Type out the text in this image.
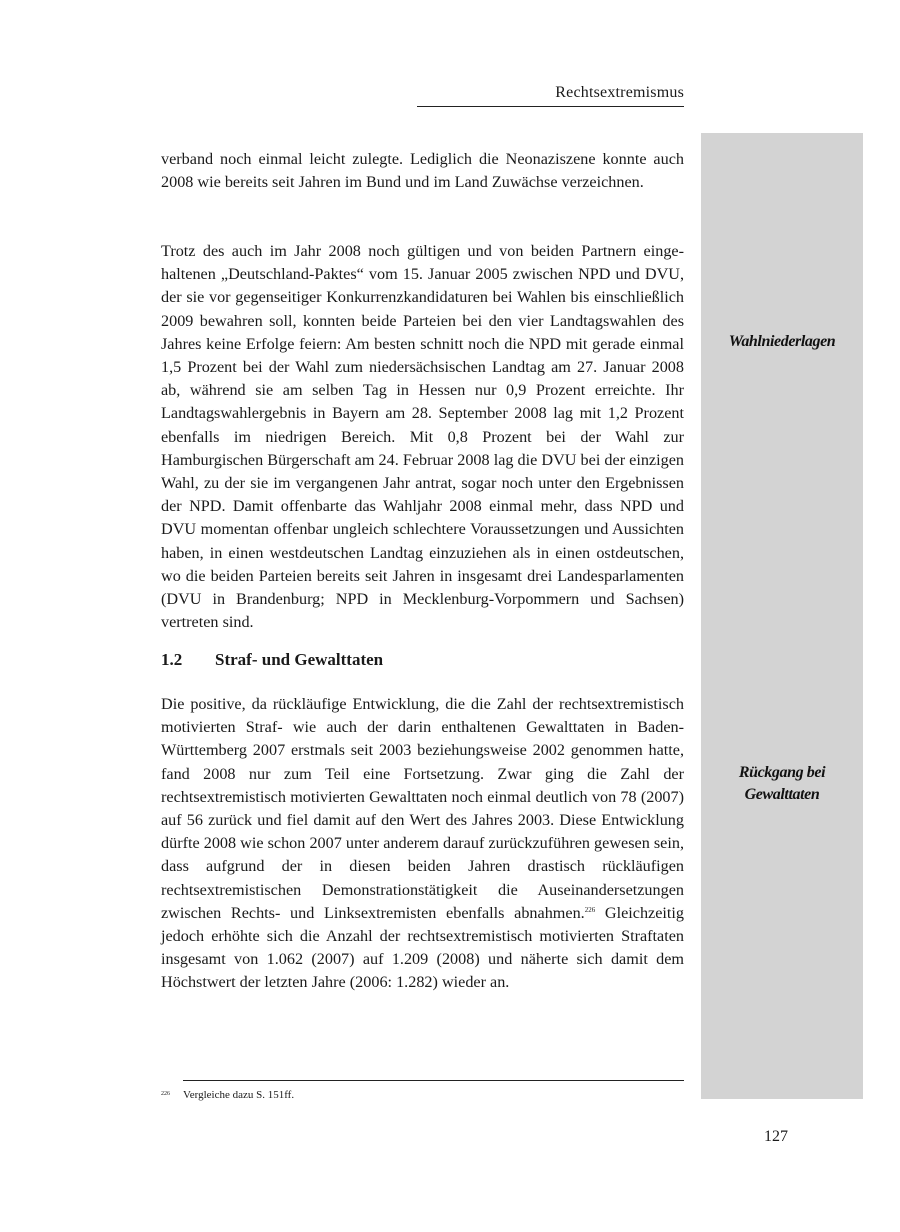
Rechtsextremismus
Wahlniederlagen
Rückgang bei
Gewalttaten

verband noch einmal leicht zulegte. Lediglich die Neonaziszene konnte auch 2008 wie bereits seit Jahren im Bund und im Land Zuwächse verzeichnen.

Trotz des auch im Jahr 2008 noch gültigen und von beiden Partnern eingehaltenen „Deutschland-Paktes“ vom 15. Januar 2005 zwischen NPD und DVU, der sie vor gegenseitiger Konkurrenzkandidaturen bei Wahlen bis einschließlich 2009 bewahren soll, konnten beide Parteien bei den vier Landtagswahlen des Jahres keine Erfolge feiern: Am besten schnitt noch die NPD mit gerade einmal 1,5 Prozent bei der Wahl zum niedersächsischen Landtag am 27. Januar 2008 ab, während sie am selben Tag in Hessen nur 0,9 Prozent erreichte. Ihr Landtagswahlergebnis in Bayern am 28. September 2008 lag mit 1,2 Prozent ebenfalls im niedrigen Bereich. Mit 0,8 Prozent bei der Wahl zur Hamburgischen Bürgerschaft am 24. Februar 2008 lag die DVU bei der einzigen Wahl, zu der sie im vergangenen Jahr antrat, sogar noch unter den Ergebnissen der NPD. Damit offenbarte das Wahljahr 2008 einmal mehr, dass NPD und DVU momentan offenbar ungleich schlechtere Voraussetzungen und Aussichten haben, in einen westdeutschen Landtag einzuziehen als in einen ostdeutschen, wo die beiden Parteien bereits seit Jahren in insgesamt drei Landesparlamenten (DVU in Brandenburg; NPD in Mecklenburg-Vorpommern und Sachsen) vertreten sind.

1.2 Straf- und Gewalttaten

Die positive, da rückläufige Entwicklung, die die Zahl der rechtsextremistisch motivierten Straf- wie auch der darin enthaltenen Gewalttaten in Baden-Württemberg 2007 erstmals seit 2003 beziehungsweise 2002 genommen hatte, fand 2008 nur zum Teil eine Fortsetzung. Zwar ging die Zahl der rechtsextremistisch motivierten Gewalttaten noch einmal deutlich von 78 (2007) auf 56 zurück und fiel damit auf den Wert des Jahres 2003. Diese Entwicklung dürfte 2008 wie schon 2007 unter anderem darauf zurückzuführen gewesen sein, dass aufgrund der in diesen beiden Jahren drastisch rückläufigen rechtsextremistischen Demonstrationstätigkeit die Auseinandersetzungen zwischen Rechts- und Linksextremisten ebenfalls abnahmen.$^{226}$ Gleichzeitig jedoch erhöhte sich die Anzahl der rechtsextremistisch motivierten Straftaten insgesamt von 1.062 (2007) auf 1.209 (2008) und näherte sich damit dem Höchstwert der letzten Jahre (2006: 1.282) wieder an.

226 Vergleiche dazu S. 151ff.
127
